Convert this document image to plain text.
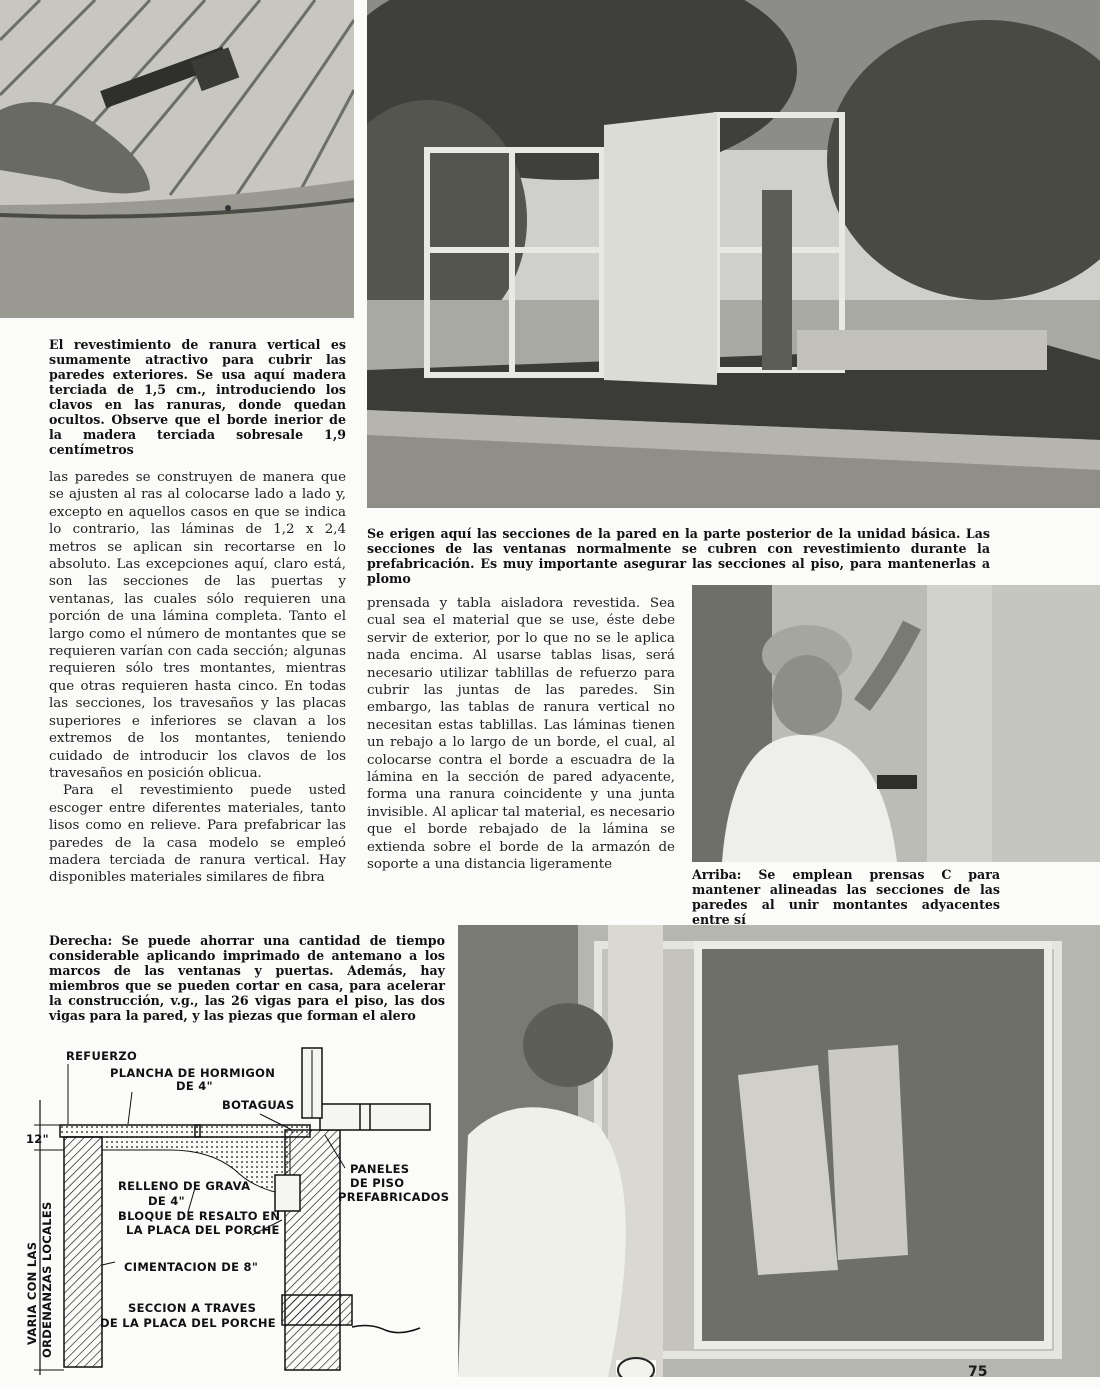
El revestimiento de ranura vertical es sumamente atractivo para cubrir las paredes exteriores. Se usa aquí madera terciada de 1,5 cm., introduciendo los clavos en las ranuras, donde quedan ocultos. Observe que el borde inerior de la madera terciada sobresale 1,9 centímetros

Se erigen aquí las secciones de la pared en la parte posterior de la unidad básica. Las secciones de las ventanas normalmente se cubren con revestimiento durante la prefabricación. Es muy importante asegurar las secciones al piso, para mantenerlas a plomo

Arriba: Se emplean prensas C para mantener alineadas las secciones de las paredes al unir montantes adyacentes entre sí

Derecha: Se puede ahorrar una cantidad de tiempo considerable aplicando imprimado de antemano a los marcos de las ventanas y puertas. Además, hay miembros que se pueden cortar en casa, para acelerar la construcción, v.g., las 26 vigas para el piso, las dos vigas para la pared, y las piezas que forman el alero

las paredes se construyen de manera que se ajusten al ras al colocarse lado a lado y, excepto en aquellos casos en que se indica lo contrario, las láminas de 1,2 x 2,4 metros se aplican sin recortarse en lo absoluto. Las excepciones aquí, claro está, son las secciones de las puertas y ventanas, las cuales sólo requieren una porción de una lámina completa. Tanto el largo como el número de montantes que se requieren varían con cada sección; algunas requieren sólo tres montantes, mientras que otras requieren hasta cinco. En todas las secciones, los travesaños y las placas superiores e inferiores se clavan a los extremos de los montantes, teniendo cuidado de introducir los clavos de los travesaños en posición oblicua.

Para el revestimiento puede usted escoger entre diferentes materiales, tanto lisos como en relieve. Para prefabricar las paredes de la casa modelo se empleó madera terciada de ranura vertical. Hay disponibles materiales similares de fibra

prensada y tabla aisladora revestida. Sea cual sea el material que se use, éste debe servir de exterior, por lo que no se le aplica nada encima. Al usarse tablas lisas, será necesario utilizar tablillas de refuerzo para cubrir las juntas de las paredes. Sin embargo, las tablas de ranura vertical no necesitan estas tablillas. Las láminas tienen un rebajo a lo largo de un borde, el cual, al colocarse contra el borde a escuadra de la lámina en la sección de pared adyacente, forma una ranura coincidente y una junta invisible. Al aplicar tal material, es necesario que el borde rebajado de la lámina se extienda sobre el borde de la armazón de soporte a una distancia ligeramente

REFUERZO
PLANCHA DE HORMIGON
DE 4"
BOTAGUAS
12"
PANELES
DE PISO
PREFABRICADOS
RELLENO DE GRAVA
DE 4"
BLOQUE DE RESALTO EN
LA PLACA DEL PORCHE
CIMENTACION DE 8"
SECCION A TRAVES
DE LA PLACA DEL PORCHE
VARIA CON LAS ORDENANZAS LOCALES
75
